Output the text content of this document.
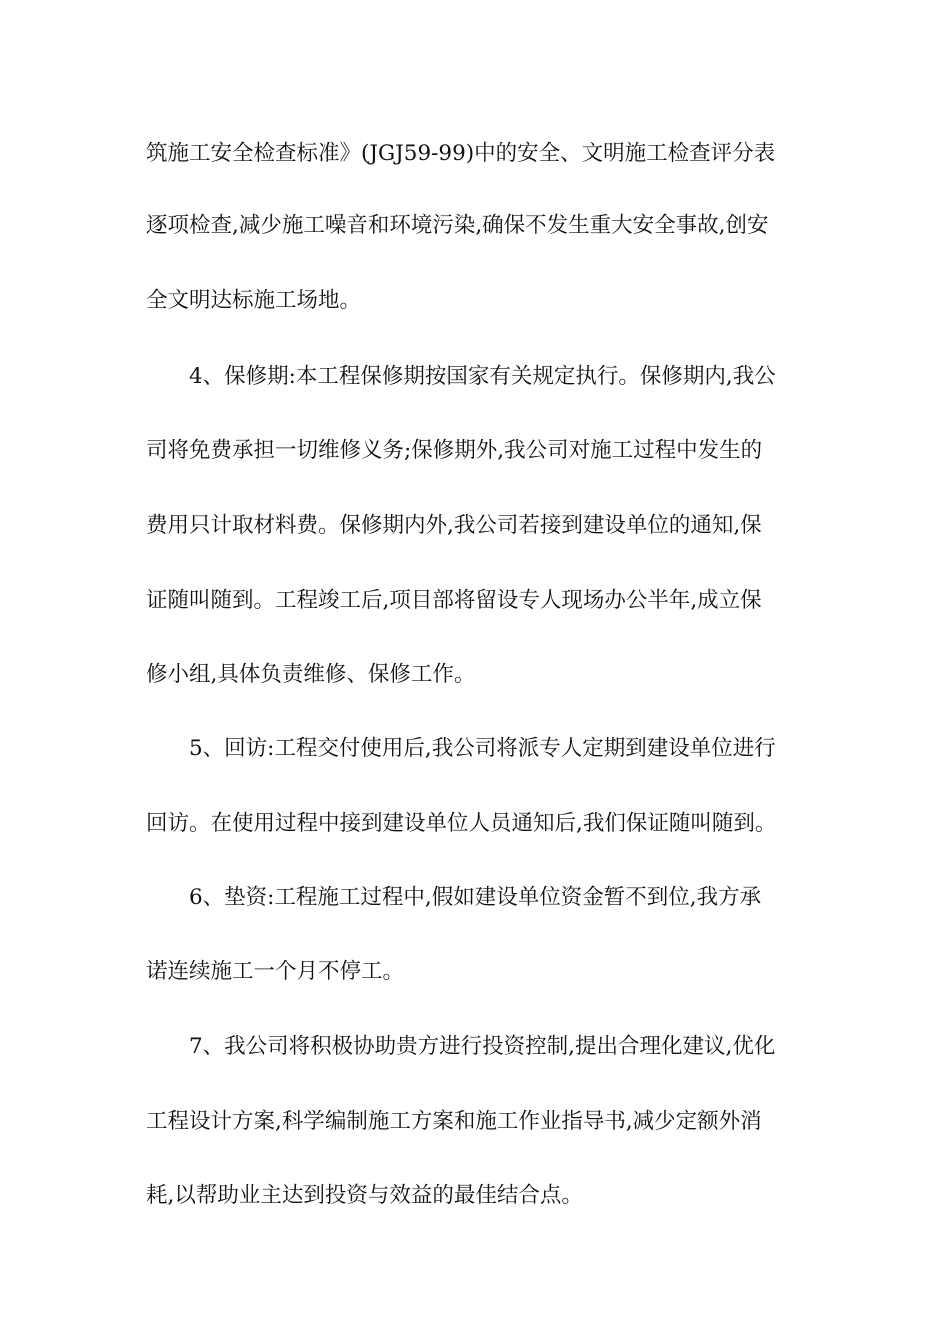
筑施工安全检查标准》(JGJ59-99)中的安全、文明施工检查评分表
逐项检查,减少施工噪音和环境污染,确保不发生重大安全事故,创安
全文明达标施工场地。
4、保修期:本工程保修期按国家有关规定执行。保修期内,我公
司将免费承担一切维修义务;保修期外,我公司对施工过程中发生的
费用只计取材料费。保修期内外,我公司若接到建设单位的通知,保
证随叫随到。工程竣工后,项目部将留设专人现场办公半年,成立保
修小组,具体负责维修、保修工作。
5、回访:工程交付使用后,我公司将派专人定期到建设单位进行
回访。在使用过程中接到建设单位人员通知后,我们保证随叫随到。
6、垫资:工程施工过程中,假如建设单位资金暂不到位,我方承
诺连续施工一个月不停工。
7、我公司将积极协助贵方进行投资控制,提出合理化建议,优化
工程设计方案,科学编制施工方案和施工作业指导书,减少定额外消
耗,以帮助业主达到投资与效益的最佳结合点。
